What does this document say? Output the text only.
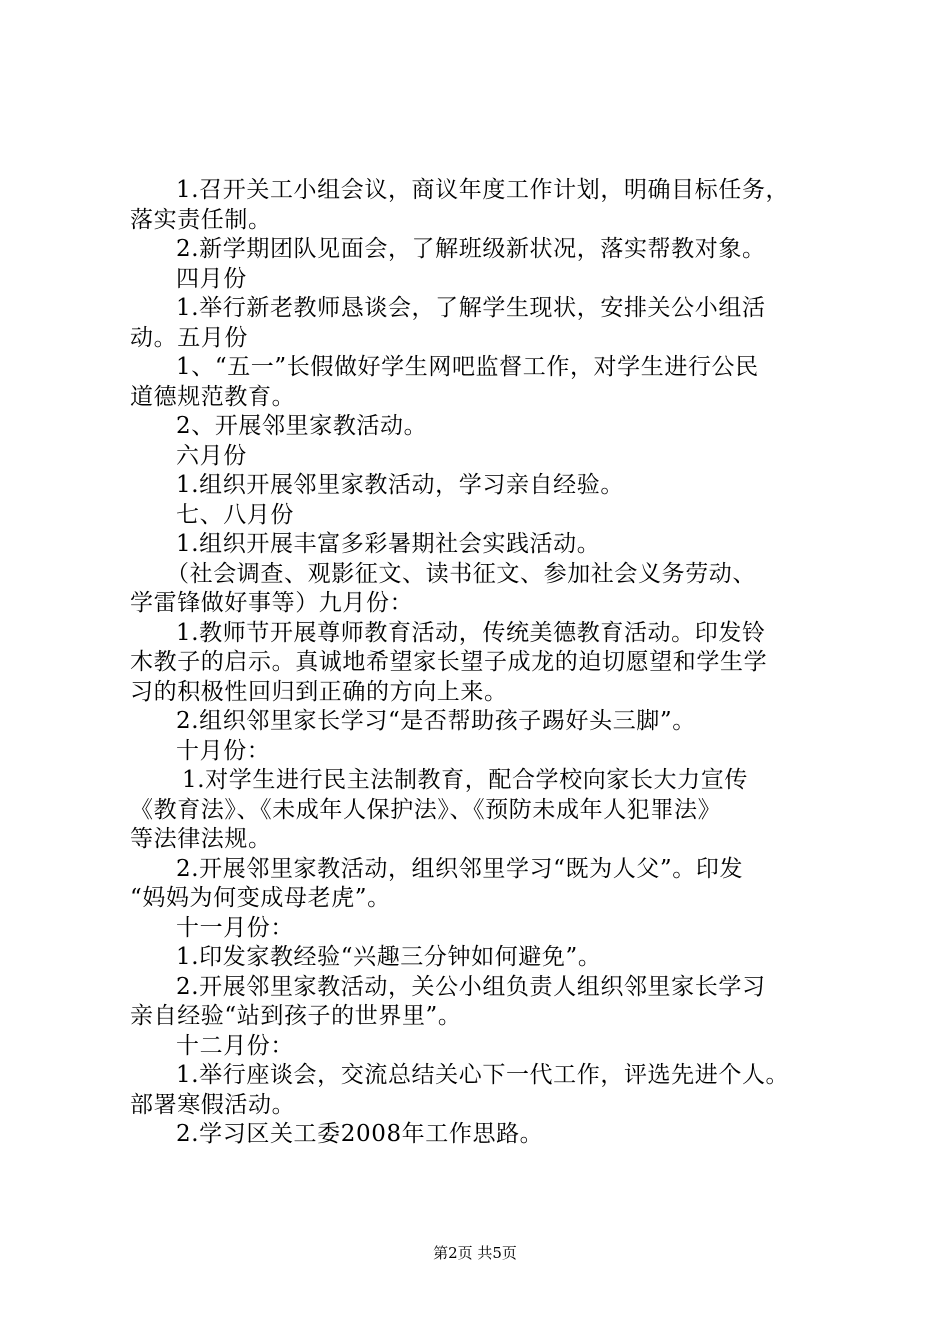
1.召开关工小组会议，商议年度工作计划，明确目标任务，
落实责任制。
2.新学期团队见面会，了解班级新状况，落实帮教对象。
四月份
1.举行新老教师恳谈会，了解学生现状，安排关公小组活
动。五月份
1、“五一”长假做好学生网吧监督工作，对学生进行公民
道德规范教育。
2、开展邻里家教活动。
六月份
1.组织开展邻里家教活动，学习亲自经验。
七、八月份
1.组织开展丰富多彩暑期社会实践活动。
（社会调查、观影征文、读书征文、参加社会义务劳动、
学雷锋做好事等）九月份：
1.教师节开展尊师教育活动，传统美德教育活动。印发铃
木教子的启示。真诚地希望家长望子成龙的迫切愿望和学生学
习的积极性回归到正确的方向上来。
2.组织邻里家长学习“是否帮助孩子踢好头三脚”。
十月份：
1.对学生进行民主法制教育，配合学校向家长大力宣传
《教育法》、《未成年人保护法》、《预防未成年人犯罪法》
等法律法规。
2.开展邻里家教活动，组织邻里学习“既为人父”。印发
“妈妈为何变成母老虎”。
十一月份：
1.印发家教经验“兴趣三分钟如何避免”。
2.开展邻里家教活动，关公小组负责人组织邻里家长学习
亲自经验“站到孩子的世界里”。
十二月份：
1.举行座谈会，交流总结关心下一代工作，评选先进个人。
部署寒假活动。
2.学习区关工委2008年工作思路。
第2页 共5页
